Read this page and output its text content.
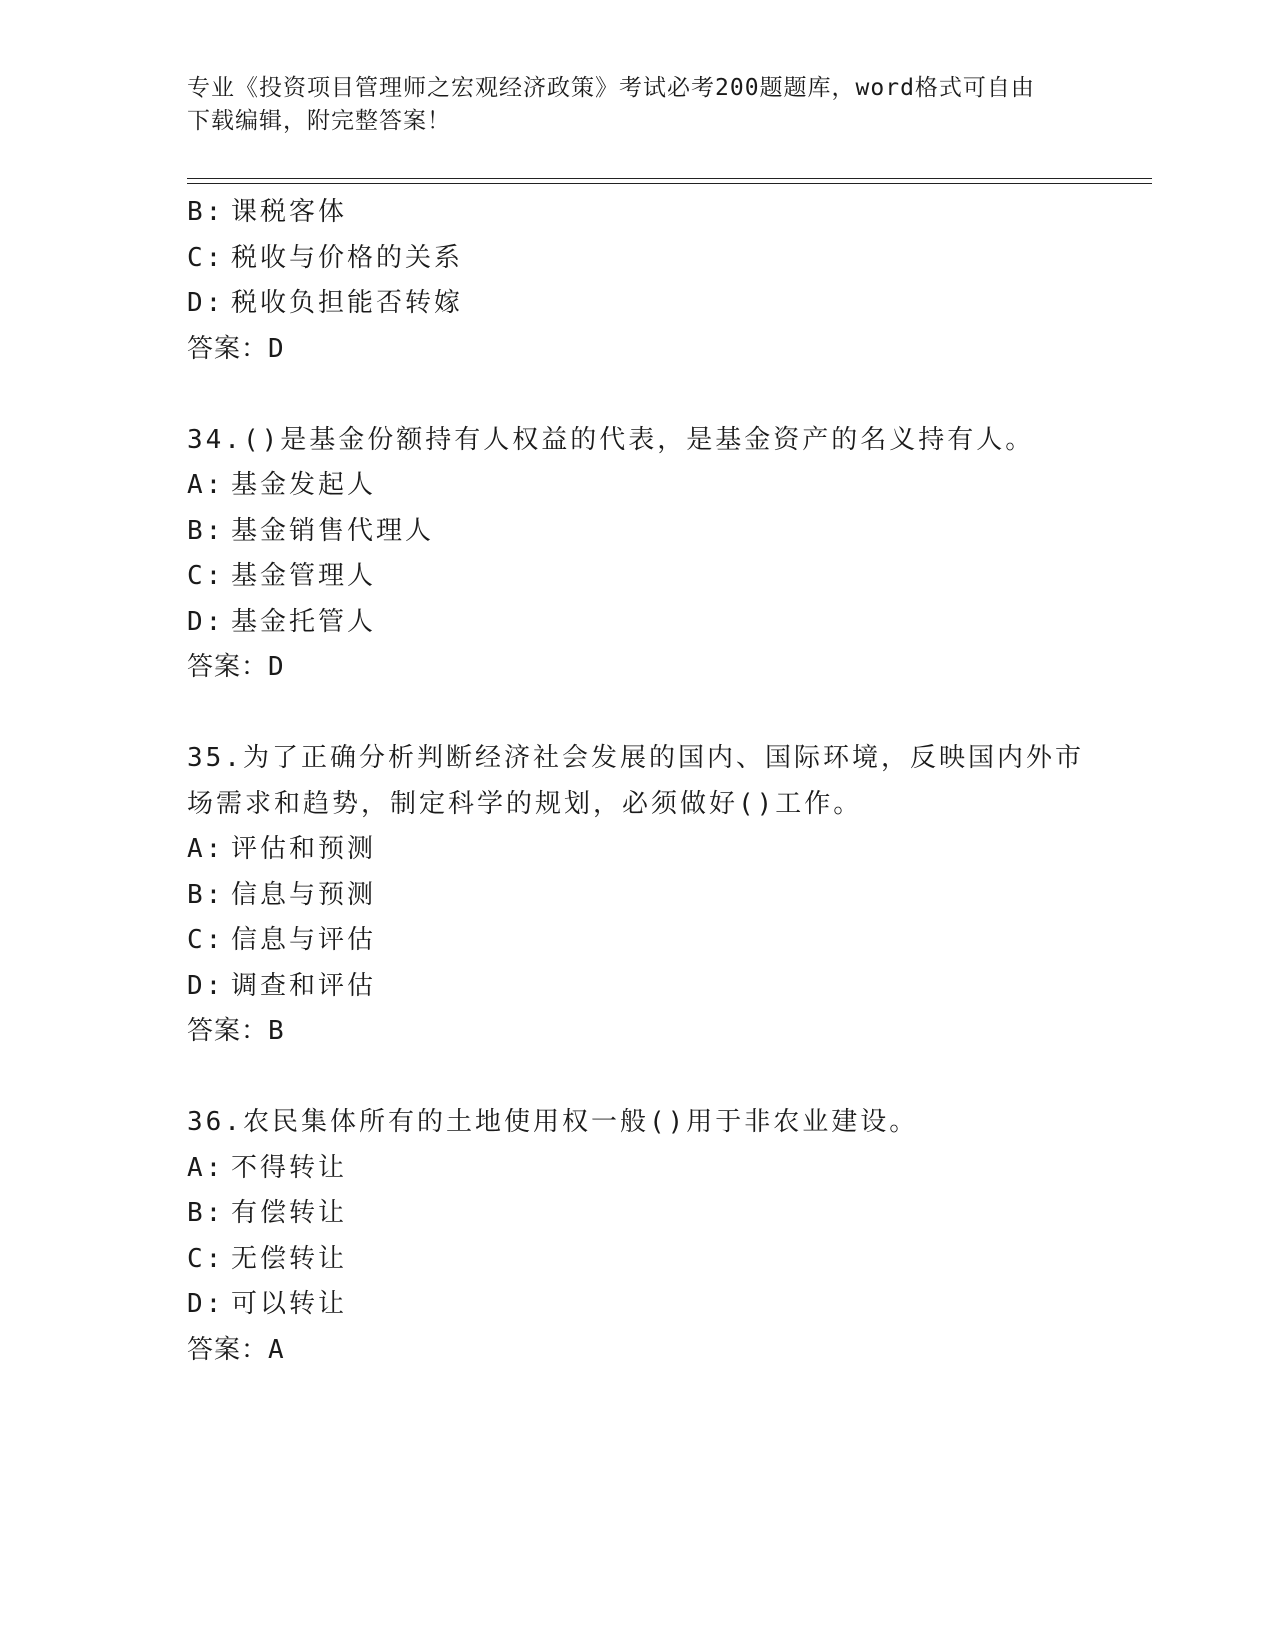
专业《投资项目管理师之宏观经济政策》考试必考200题题库，word格式可自由
下载编辑，附完整答案！
B: 课税客体
C: 税收与价格的关系
D: 税收负担能否转嫁
答案：D
34.()是基金份额持有人权益的代表，是基金资产的名义持有人。
A: 基金发起人
B: 基金销售代理人
C: 基金管理人
D: 基金托管人
答案：D
35.为了正确分析判断经济社会发展的国内、国际环境，反映国内外市
场需求和趋势，制定科学的规划，必须做好()工作。
A: 评估和预测
B: 信息与预测
C: 信息与评估
D: 调查和评估
答案：B
36.农民集体所有的土地使用权一般()用于非农业建设。
A: 不得转让
B: 有偿转让
C: 无偿转让
D: 可以转让
答案：A
